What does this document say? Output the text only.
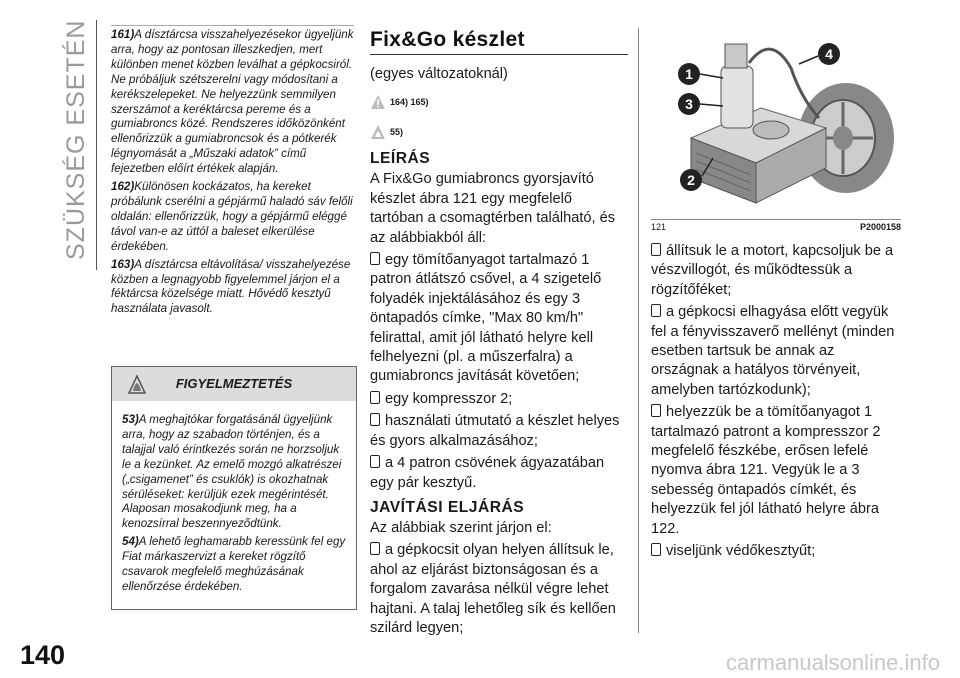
SZÜKSÉG ESETÉN 161)A dísztárcsa visszahelyezésekor ügyeljünk arra, hogy az pontosan illeszkedjen, mert különben menet közben leválhat a gépkocsiról. Ne próbáljuk szétszerelni vagy módosítani a kerékszelepeket. Ne helyezzünk semmilyen szerszámot a keréktárcsa pereme és a gumiabroncs közé. Rendszeres időközönként ellenőrizzük a gumiabroncsok és a pótkerék légnyomását a „Műszaki adatok” című fejezetben előírt értékek alapján.

162)Különösen kockázatos, ha kereket próbálunk cserélni a gépjármű haladó sáv felőli oldalán: ellenőrizzük, hogy a gépjármű eléggé távol van-e az úttól a baleset elkerülése érdekében.

163)A dísztárcsa eltávolítása/ visszahelyezése közben a legnagyobb figyelemmel járjon el a féktárcsa közelsége miatt. Hővédő kesztyű használata javasolt.

FIGYELMEZTETÉS

53)A meghajtókar forgatásánál ügyeljünk arra, hogy az szabadon történjen, és a talajjal való érintkezés során ne horzsoljuk le a kezünket. Az emelő mozgó alkatrészei („csigamenet” és csuklók) is okozhatnak sérüléseket: kerüljük ezek megérintését. Alaposan mosakodjunk meg, ha a kenozsírral beszennyeződtünk.

54)A lehető leghamarabb keressünk fel egy Fiat márkaszervizt a kereket rögzítő csavarok megfelelő meghúzásának ellenőrzése érdekében.

Fix&Go készlet

(egyes változatoknál)

164) 165)
55)
LEÍRÁS

A Fix&Go gumiabroncs gyorsjavító készlet ábra 121 egy megfelelő tartóban a csomagtérben található, és az alábbiakból áll:

egy tömítőanyagot tartalmazó 1 patron átlátszó csővel, a 4 szigetelő folyadék injektálásához és egy 3 öntapadós címke, "Max 80 km/h" felirattal, amit jól látható helyre kell felhelyezni (pl. a műszerfalra) a gumiabroncs javítását követően;

egy kompresszor 2;

használati útmutató a készlet helyes és gyors alkalmazásához;

a 4 patron csövének ágyazatában egy pár kesztyű.

JAVÍTÁSI ELJÁRÁS

Az alábbiak szerint járjon el:

a gépkocsit olyan helyen állítsuk le, ahol az eljárást biztonságosan és a forgalom zavarása nélkül végre lehet hajtani. A talaj lehetőleg sík és kellően szilárd legyen;

1
3
2
4
121	P2000158

állítsuk le a motort, kapcsoljuk be a vészvillogót, és működtessük a rögzítőféket;

a gépkocsi elhagyása előtt vegyük fel a fényvisszaverő mellényt (minden esetben tartsuk be annak az országnak a hatályos törvényeit, amelyben tartózkodunk);

helyezzük be a tömítőanyagot 1 tartalmazó patront a kompresszor 2 megfelelő fészkébe, erősen lefelé nyomva ábra 121. Vegyük le a 3 sebesség öntapadós címkét, és helyezzük fel jól látható helyre ábra 122.

viseljünk védőkesztyűt;

140	carmanualsonline.info
